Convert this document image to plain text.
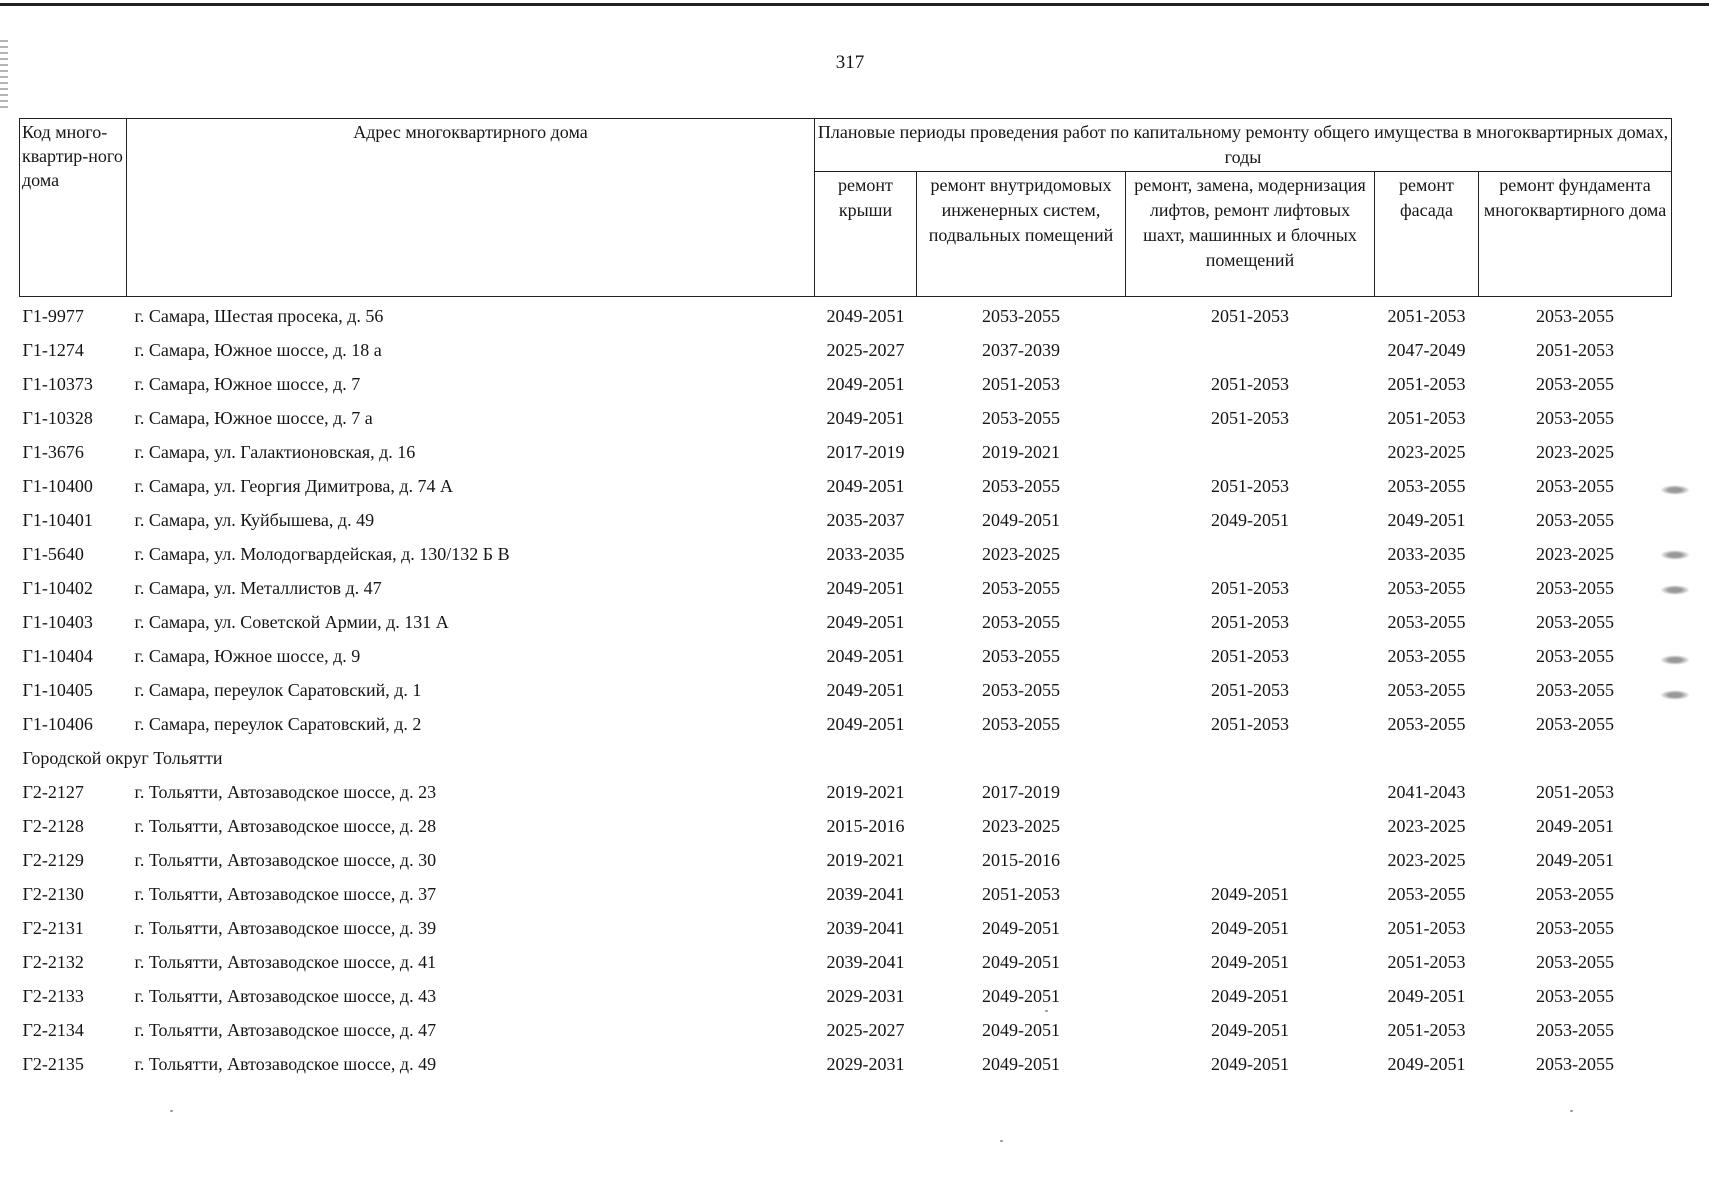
317
Код много-квартир-ного дома	Адрес многоквартирного дома	Плановые периоды проведения работ по капитальному ремонту общего имущества в многоквартирных домах, годы				
		ремонт крыши	ремонт внутридомовых инженерных систем, подвальных помещений	ремонт, замена, модернизация лифтов, ремонт лифтовых шахт, машинных и блочных помещений	ремонт фасада	ремонт фундамента многоквартирного дома
Г1-9977	г. Самара, Шестая просека, д. 56	2049-2051	2053-2055	2051-2053	2051-2053	2053-2055
Г1-1274	г. Самара, Южное шоссе, д. 18 а	2025-2027	2037-2039		2047-2049	2051-2053
Г1-10373	г. Самара, Южное шоссе, д. 7	2049-2051	2051-2053	2051-2053	2051-2053	2053-2055
Г1-10328	г. Самара, Южное шоссе, д. 7 а	2049-2051	2053-2055	2051-2053	2051-2053	2053-2055
Г1-3676	г. Самара, ул. Галактионовская, д. 16	2017-2019	2019-2021		2023-2025	2023-2025
Г1-10400	г. Самара, ул. Георгия Димитрова, д. 74 А	2049-2051	2053-2055	2051-2053	2053-2055	2053-2055
Г1-10401	г. Самара, ул. Куйбышева, д. 49	2035-2037	2049-2051	2049-2051	2049-2051	2053-2055
Г1-5640	г. Самара, ул. Молодогвардейская, д. 130/132 Б В	2033-2035	2023-2025		2033-2035	2023-2025
Г1-10402	г. Самара, ул. Металлистов д. 47	2049-2051	2053-2055	2051-2053	2053-2055	2053-2055
Г1-10403	г. Самара, ул. Советской Армии, д. 131 А	2049-2051	2053-2055	2051-2053	2053-2055	2053-2055
Г1-10404	г. Самара, Южное шоссе, д. 9	2049-2051	2053-2055	2051-2053	2053-2055	2053-2055
Г1-10405	г. Самара, переулок Саратовский, д. 1	2049-2051	2053-2055	2051-2053	2053-2055	2053-2055
Г1-10406	г. Самара, переулок Саратовский, д. 2	2049-2051	2053-2055	2051-2053	2053-2055	2053-2055
Городской округ Тольятти						
Г2-2127	г. Тольятти, Автозаводское шоссе, д. 23	2019-2021	2017-2019		2041-2043	2051-2053
Г2-2128	г. Тольятти, Автозаводское шоссе, д. 28	2015-2016	2023-2025		2023-2025	2049-2051
Г2-2129	г. Тольятти, Автозаводское шоссе, д. 30	2019-2021	2015-2016		2023-2025	2049-2051
Г2-2130	г. Тольятти, Автозаводское шоссе, д. 37	2039-2041	2051-2053	2049-2051	2053-2055	2053-2055
Г2-2131	г. Тольятти, Автозаводское шоссе, д. 39	2039-2041	2049-2051	2049-2051	2051-2053	2053-2055
Г2-2132	г. Тольятти, Автозаводское шоссе, д. 41	2039-2041	2049-2051	2049-2051	2051-2053	2053-2055
Г2-2133	г. Тольятти, Автозаводское шоссе, д. 43	2029-2031	2049-2051	2049-2051	2049-2051	2053-2055
Г2-2134	г. Тольятти, Автозаводское шоссе, д. 47	2025-2027	2049-2051	2049-2051	2051-2053	2053-2055
Г2-2135	г. Тольятти, Автозаводское шоссе, д. 49	2029-2031	2049-2051	2049-2051	2049-2051	2053-2055
